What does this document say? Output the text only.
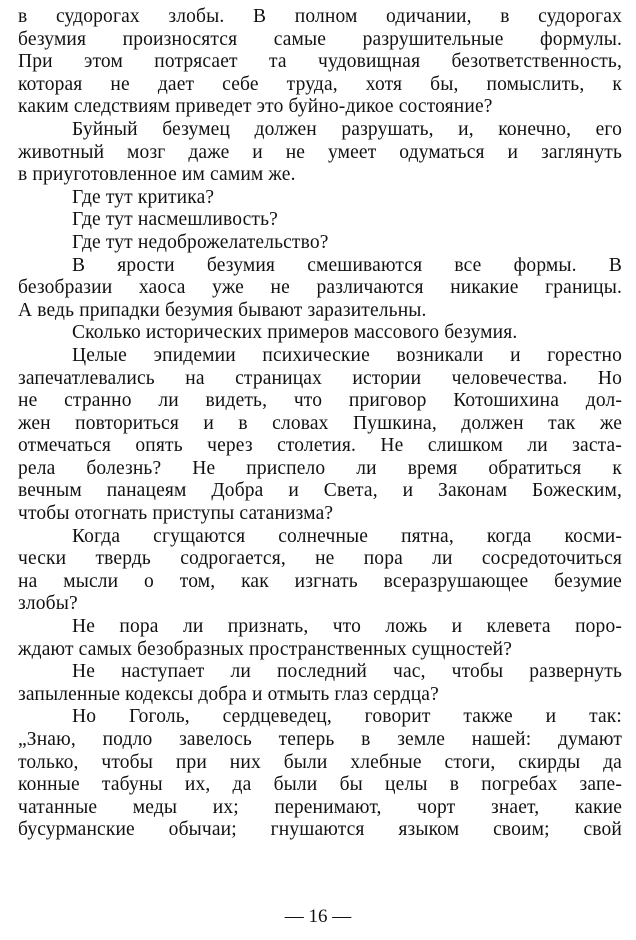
в судорогах злобы. В полном одичании, в судорогах
безумия произносятся самые разрушительные формулы.
При этом потрясает та чудовищная безответственность,
которая не дает себе труда, хотя бы, помыслить, к
каким следствиям приведет это буйно-дикое состояние?
Буйный безумец должен разрушать, и, конечно, его
животный мозг даже и не умеет одуматься и заглянуть
в приуготовленное им самим же.
Где тут критика?
Где тут насмешливость?
Где тут недоброжелательство?
В ярости безумия смешиваются все формы. В
безобразии хаоса уже не различаются никакие границы.
А ведь припадки безумия бывают заразительны.
Сколько исторических примеров массового безумия.
Целые эпидемии психические возникали и горестно
запечатлевались на страницах истории человечества. Но
не странно ли видеть, что приговор Котошихина дол-
жен повториться и в словах Пушкина, должен так же
отмечаться опять через столетия. Не слишком ли заста-
рела болезнь? Не приспело ли время обратиться к
вечным панацеям Добра и Света, и Законам Божеским,
чтобы отогнать приступы сатанизма?
Когда сгущаются солнечные пятна, когда косми-
чески твердь содрогается, не пора ли сосредоточиться
на мысли о том, как изгнать всеразрушающее безумие
злобы?
Не пора ли признать, что ложь и клевета поро-
ждают самых безобразных пространственных сущностей?
Не наступает ли последний час, чтобы развернуть
запыленные кодексы добра и отмыть глаз сердца?
Но Гоголь, сердцеведец, говорит также и так:
„Знаю, подло завелось теперь в земле нашей: думают
только, чтобы при них были хлебные стоги, скирды да
конные табуны их, да были бы целы в погребах запе-
чатанные меды их; перенимают, чорт знает, какие
бусурманские обычаи; гнушаются языком своим; свой
— 16 —
